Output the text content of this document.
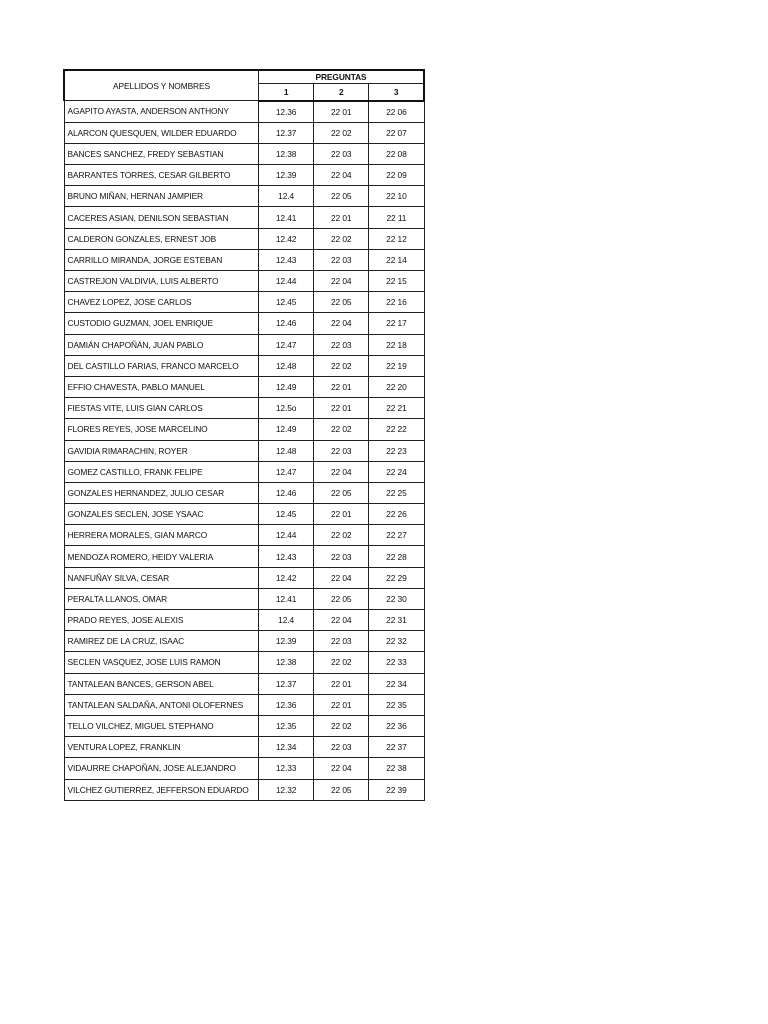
APELLIDOS Y NOMBRES	PREGUNTAS		
	1	2	3
AGAPITO AYASTA, ANDERSON ANTHONY	12.36	22 01	22 06
ALARCON QUESQUEN, WILDER EDUARDO	12.37	22 02	22 07
BANCES SANCHEZ, FREDY SEBASTIAN	12.38	22 03	22 08
BARRANTES TORRES, CESAR GILBERTO	12.39	22 04	22 09
BRUNO MIÑAN, HERNAN JAMPIER	12.4	22 05	22 10
CACERES ASIAN, DENILSON SEBASTIAN	12.41	22 01	22 11
CALDERON GONZALES, ERNEST JOB	12.42	22 02	22 12
CARRILLO MIRANDA, JORGE ESTEBAN	12.43	22 03	22 14
CASTREJON VALDIVIA, LUIS ALBERTO	12.44	22 04	22 15
CHAVEZ LOPEZ, JOSE CARLOS	12.45	22 05	22 16
CUSTODIO GUZMAN, JOEL ENRIQUE	12.46	22 04	22 17
DAMIÁN CHAPOÑÁN, JUAN PABLO	12.47	22 03	22 18
DEL CASTILLO FARIAS, FRANCO MARCELO	12.48	22 02	22 19
EFFIO CHAVESTA, PABLO MANUEL	12.49	22 01	22 20
FIESTAS VITE, LUIS GIAN CARLOS	12.5o	22 01	22 21
FLORES REYES, JOSE MARCELINO	12.49	22 02	22 22
GAVIDIA RIMARACHIN, ROYER	12.48	22 03	22 23
GOMEZ CASTILLO, FRANK FELIPE	12.47	22 04	22 24
GONZALES HERNANDEZ, JULIO CESAR	12.46	22 05	22 25
GONZALES SECLEN, JOSE YSAAC	12.45	22 01	22 26
HERRERA MORALES, GIAN MARCO	12.44	22 02	22 27
MENDOZA ROMERO, HEIDY VALERIA	12.43	22 03	22 28
NANFUÑAY SILVA, CESAR	12.42	22 04	22 29
PERALTA LLANOS, OMAR	12.41	22 05	22 30
PRADO REYES, JOSE ALEXIS	12.4	22 04	22 31
RAMIREZ DE LA CRUZ, ISAAC	12.39	22 03	22 32
SECLEN VASQUEZ, JOSE LUIS RAMON	12.38	22 02	22 33
TANTALEAN BANCES, GERSON ABEL	12.37	22 01	22 34
TANTALEAN SALDAÑA, ANTONI OLOFERNES	12.36	22 01	22 35
TELLO VILCHEZ, MIGUEL STEPHANO	12.35	22 02	22 36
VENTURA LOPEZ, FRANKLIN	12.34	22 03	22 37
VIDAURRE CHAPOÑAN, JOSE ALEJANDRO	12.33	22 04	22 38
VILCHEZ GUTIERREZ, JEFFERSON EDUARDO	12.32	22 05	22 39
